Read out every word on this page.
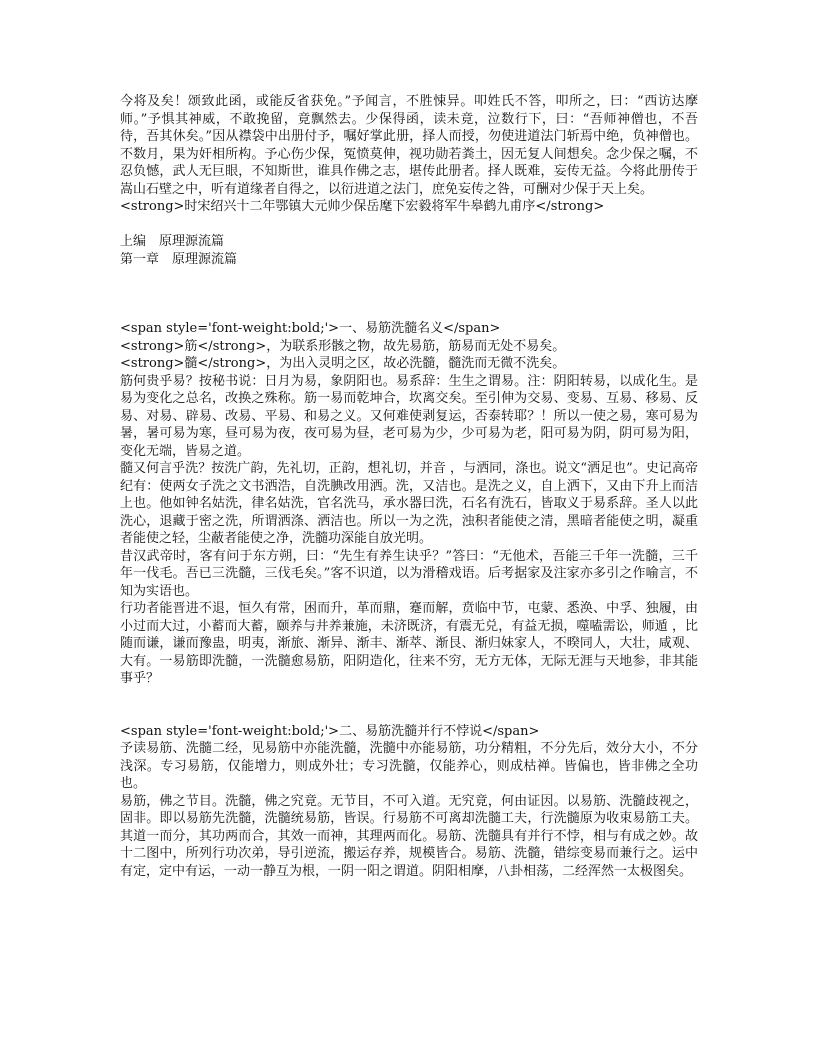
今将及矣！颂致此函，或能反省获免。”予闻言，不胜悚异。叩姓氏不答，叩所之，曰：“西访达摩师。”予惧其神威，不敢挽留，竟飘然去。少保得函，读未竟，泣数行下，曰：“吾师神僧也，不吾待，吾其休矣。”因从襟袋中出册付予，嘱好掌此册，择人而授，勿使进道法门斩焉中绝，负神僧也。不数月，果为奸相所构。予心伤少保，冤愤莫伸，视功勋若粪土，因无复人间想矣。念少保之嘱，不忍负憾，武人无巨眼，不知斯世，谁具作佛之志，堪传此册者。择人既难，妄传无益。今将此册传于嵩山石壁之中，听有道缘者自得之，以衍进道之法门，庶免妄传之咎，可酬对少保于天上矣。

<strong>时宋绍兴十二年鄂镇大元帅少保岳麾下宏毅将军牛皋鹤九甫序</strong>

上编　原理源流篇

第一章　原理源流篇

<span style='font-weight:bold;'>一、易筋洗髓名义</span>

<strong>筋</strong>，为联系形骸之物，故先易筋，筋易而无处不易矣。

<strong>髓</strong>，为出入灵明之区，故必洗髓，髓洗而无微不洗矣。

筋何贵乎易？按秘书说：日月为易，象阴阳也。易系辞：生生之谓易。注：阴阳转易，以成化生。是易为变化之总名，改换之殊称。筋一易而乾坤合，坎离交矣。至引伸为交易、变易、互易、移易、反易、对易、辟易、改易、平易、和易之义。又何难使剥复运，否泰转耶？！所以一使之易，寒可易为暑，暑可易为寒，昼可易为夜，夜可易为昼，老可易为少，少可易为老，阳可易为阴，阴可易为阳，变化无端，皆易之道。

髓又何言乎洗？按洗广韵，先礼切，正韵，想礼切，并音 ，与洒同，涤也。说文“洒足也”。史记高帝纪有：使两女子洗之文书洒浩，自洗腆改用洒。洗，又洁也。是洗之义，自上洒下，又由下升上而洁上也。他如钟名姑洗，律名姑洗，官名洗马，承水器曰洗，石名有洗石，皆取义于易系辞。圣人以此洗心，退藏于密之洗，所谓洒涤、洒洁也。所以一为之洗，浊积者能使之清，黑暗者能使之明，凝重者能使之轻，尘蔽者能使之净，洗髓功深能自放光明。

昔汉武帝时，客有问于东方朔，曰：“先生有养生诀乎？”答曰：“无他术，吾能三千年一洗髓，三千年一伐毛。吾已三洗髓，三伐毛矣。”客不识道，以为滑稽戏语。后考据家及注家亦多引之作喻言，不知为实语也。

行功者能晋进不退，恒久有常，困而升，革而鼎，蹇而解，贲临中节，屯蒙、悉涣、中孚、独履，由小过而大过，小蓄而大蓄，颐养与井养兼施，未济既济，有震无兑，有益无损，噬嗑需讼，师遁 ，比随而谦，谦而豫蛊，明夷，渐旅、渐异、渐丰、渐萃、渐艮、渐归妹家人，不暌同人，大壮，咸观、大有。一易筋即洗髓，一洗髓愈易筋，阳阴造化，往来不穷，无方无体，无际无涯与天地参，非其能事乎？

<span style='font-weight:bold;'>二、易筋洗髓并行不悖说</span>

予读易筋、洗髓二经，见易筋中亦能洗髓，洗髓中亦能易筋，功分精粗，不分先后，效分大小，不分浅深。专习易筋，仅能增力，则成外壮；专习洗髓，仅能养心，则成枯禅。皆偏也，皆非佛之全功也。

易筋，佛之节目。洗髓，佛之究竟。无节目，不可入道。无究竟，何由证因。以易筋、洗髓歧视之，固非。即以易筋先洗髓，洗髓统易筋，皆误。行易筋不可离却洗髓工夫，行洗髓原为收束易筋工夫。其道一而分，其功两而合，其效一而神，其理两而化。易筋、洗髓具有并行不悖，相与有成之妙。故十二图中，所列行功次弟，导引逆流，搬运存养，规模皆合。易筋、洗髓，错综变易而兼行之。运中有定，定中有运，一动一静互为根，一阴一阳之谓道。阴阳相摩，八卦相荡，二经浑然一太极图矣。
